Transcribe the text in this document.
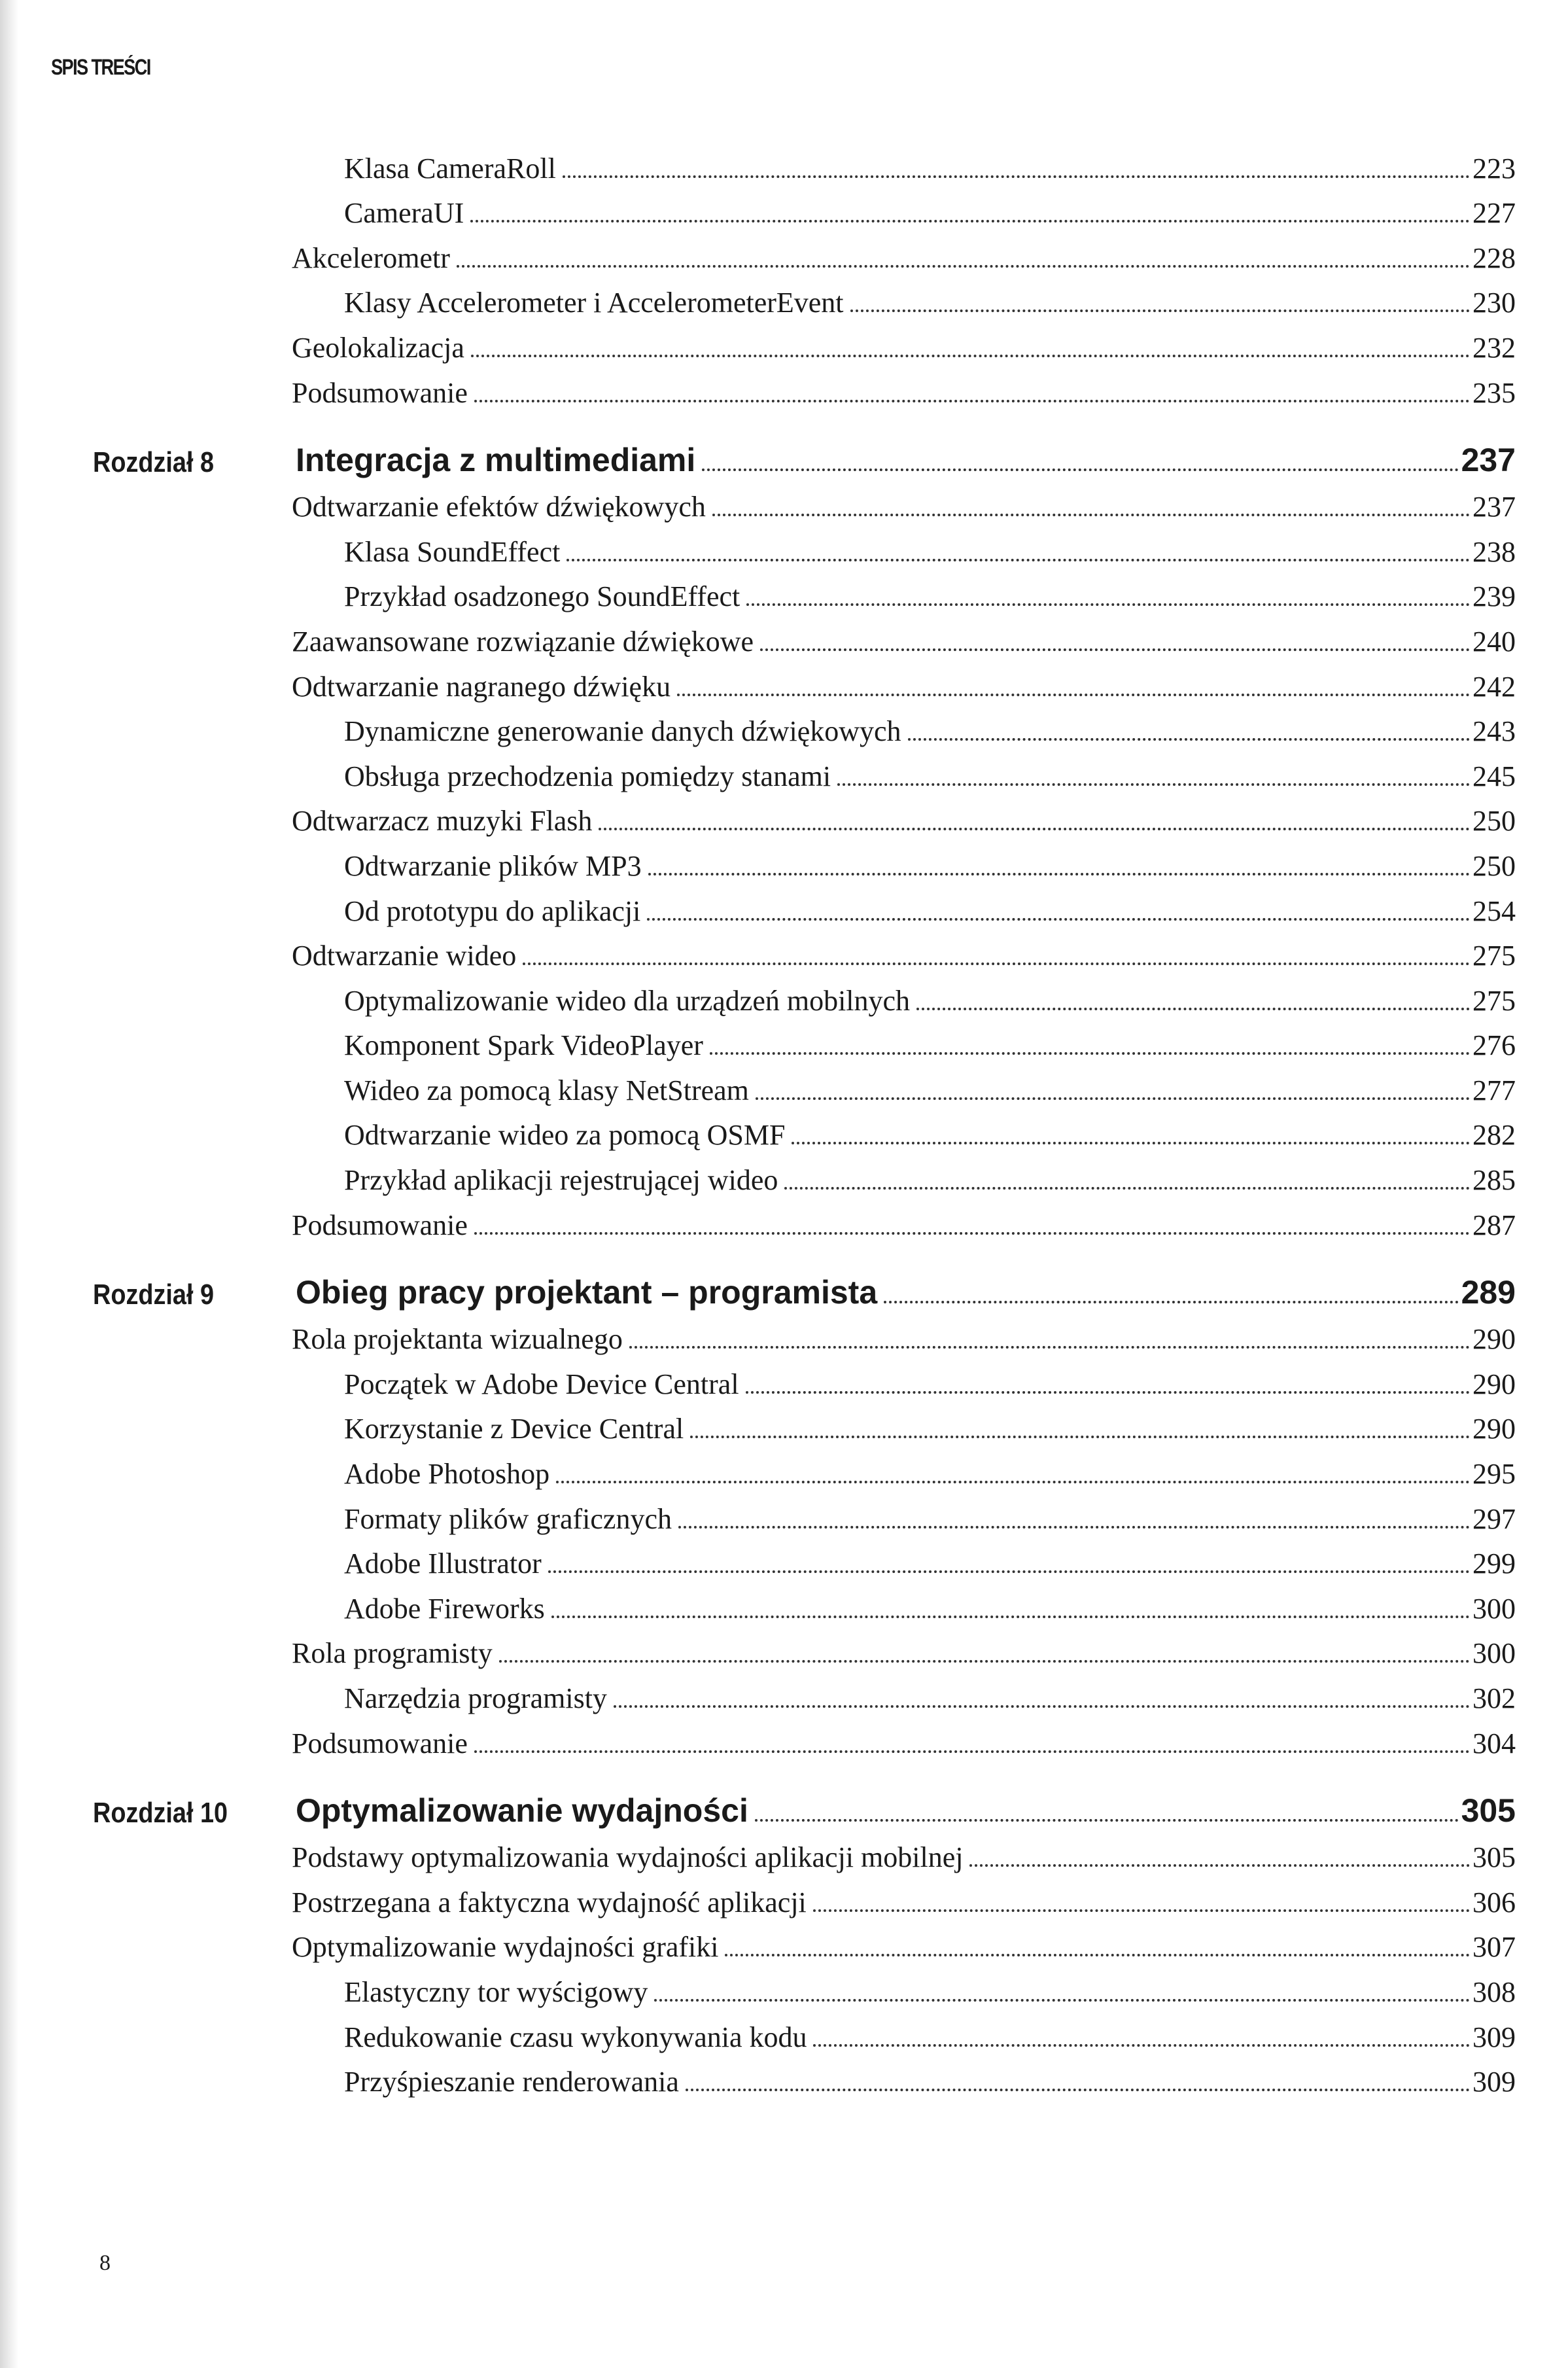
SPIS TREŚCI
Klasa CameraRoll	223
CameraUI	227
Akcelerometr	228
Klasy Accelerometer i AccelerometerEvent	230
Geolokalizacja	232
Podsumowanie	235
Rozdział 8 Integracja z multimediami	237
Odtwarzanie efektów dźwiękowych	237
Klasa SoundEffect	238
Przykład osadzonego SoundEffect	239
Zaawansowane rozwiązanie dźwiękowe	240
Odtwarzanie nagranego dźwięku	242
Dynamiczne generowanie danych dźwiękowych	243
Obsługa przechodzenia pomiędzy stanami	245
Odtwarzacz muzyki Flash	250
Odtwarzanie plików MP3	250
Od prototypu do aplikacji	254
Odtwarzanie wideo	275
Optymalizowanie wideo dla urządzeń mobilnych	275
Komponent Spark VideoPlayer	276
Wideo za pomocą klasy NetStream	277
Odtwarzanie wideo za pomocą OSMF	282
Przykład aplikacji rejestrującej wideo	285
Podsumowanie	287
Rozdział 9 Obieg pracy projektant – programista	289
Rola projektanta wizualnego	290
Początek w Adobe Device Central	290
Korzystanie z Device Central	290
Adobe Photoshop	295
Formaty plików graficznych	297
Adobe Illustrator	299
Adobe Fireworks	300
Rola programisty	300
Narzędzia programisty	302
Podsumowanie	304
Rozdział 10 Optymalizowanie wydajności	305
Podstawy optymalizowania wydajności aplikacji mobilnej	305
Postrzegana a faktyczna wydajność aplikacji	306
Optymalizowanie wydajności grafiki	307
Elastyczny tor wyścigowy	308
Redukowanie czasu wykonywania kodu	309
Przyśpieszanie renderowania	309
8
